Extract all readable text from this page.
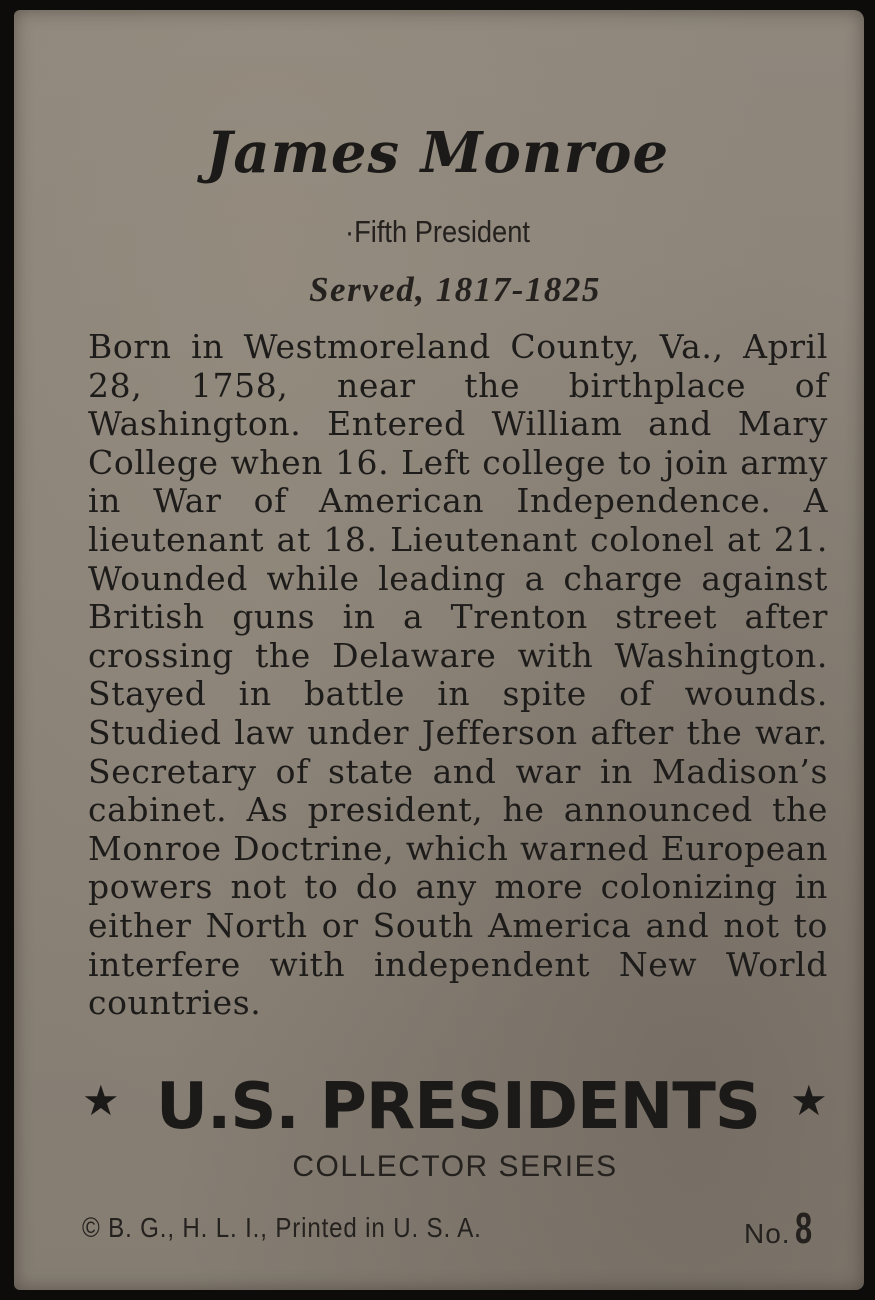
James Monroe
·Fifth President
Served, 1817-1825

Born in Westmoreland County, Va., April 28, 1758, near the birthplace of Washington. Entered William and Mary College when 16. Left college to join army in War of American Independence. A lieutenant at 18. Lieutenant colonel at 21. Wounded while leading a charge against British guns in a Trenton street after crossing the Delaware with Washington. Stayed in battle in spite of wounds. Studied law under Jefferson after the war. Secretary of state and war in Madison’s cabinet. As president, he announced the Monroe Doctrine, which warned European powers not to do any more colonizing in either North or South America and not to interfere with independent New World countries.

★ U.S. PRESIDENTS ★
COLLECTOR SERIES
© B. G., H. L. I., Printed in U. S. A.	No.8
